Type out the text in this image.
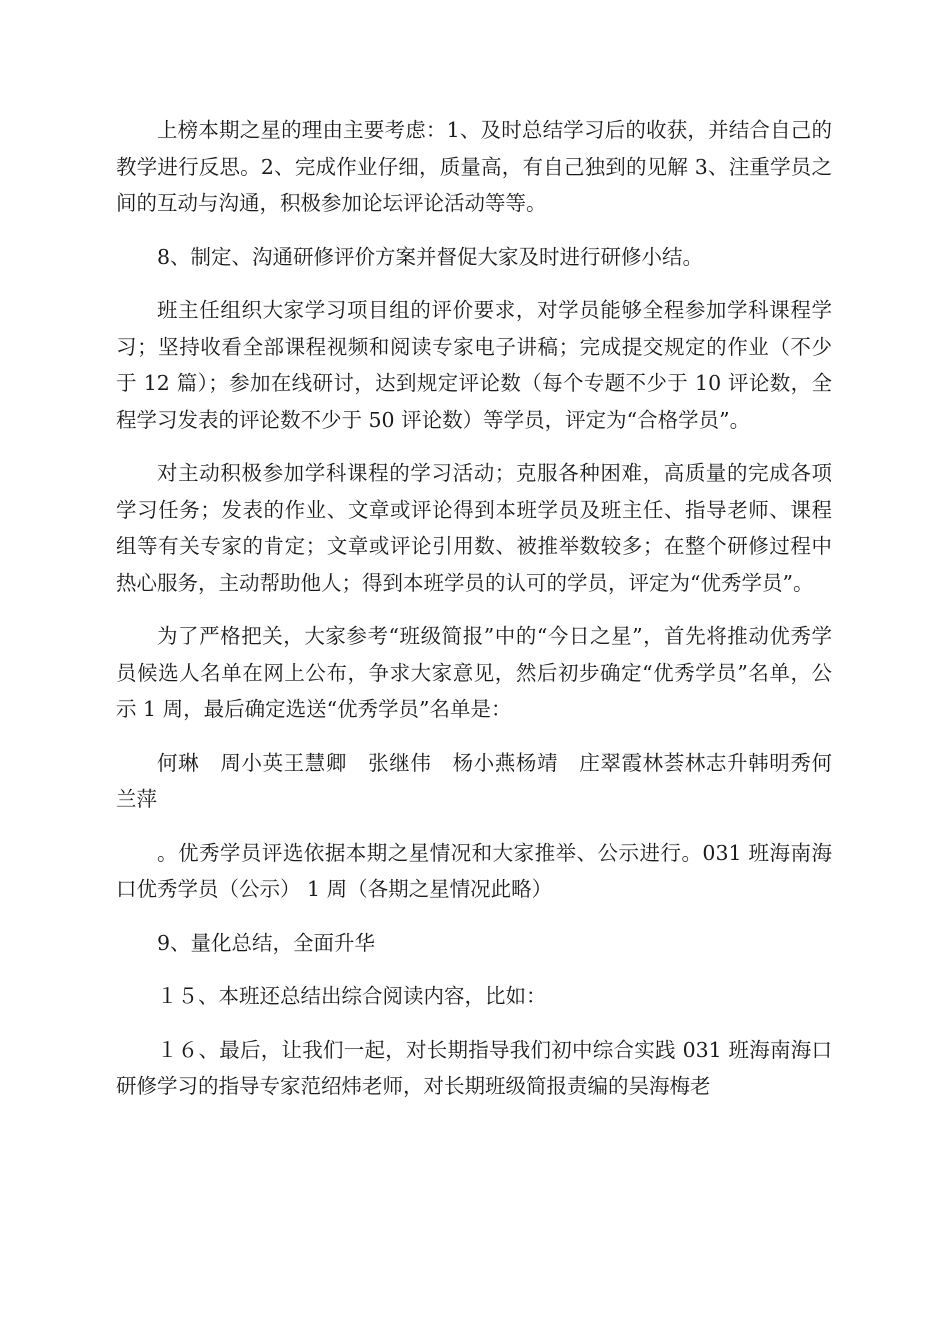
上榜本期之星的理由主要考虑：1、及时总结学习后的收获，并结合自己的教学进行反思。2、完成作业仔细，质量高，有自己独到的见解 3、注重学员之间的互动与沟通，积极参加论坛评论活动等等。

8、制定、沟通研修评价方案并督促大家及时进行研修小结。

班主任组织大家学习项目组的评价要求，对学员能够全程参加学科课程学习；坚持收看全部课程视频和阅读专家电子讲稿；完成提交规定的作业（不少于 12 篇）；参加在线研讨，达到规定评论数（每个专题不少于 10 评论数，全程学习发表的评论数不少于 50 评论数）等学员，评定为“合格学员”。

对主动积极参加学科课程的学习活动；克服各种困难，高质量的完成各项学习任务；发表的作业、文章或评论得到本班学员及班主任、指导老师、课程组等有关专家的肯定；文章或评论引用数、被推举数较多；在整个研修过程中热心服务，主动帮助他人；得到本班学员的认可的学员，评定为“优秀学员”。

为了严格把关，大家参考“班级简报”中的“今日之星”，首先将推动优秀学员候选人名单在网上公布，争求大家意见，然后初步确定“优秀学员”名单，公示 1 周，最后确定选送“优秀学员”名单是：

何琳　周小英王慧卿　张继伟　杨小燕杨靖　庄翠霞林荟林志升韩明秀何兰萍

。优秀学员评选依据本期之星情况和大家推举、公示进行。031 班海南海口优秀学员（公示） 1 周（各期之星情况此略）

9、量化总结，全面升华

１５、本班还总结出综合阅读内容，比如：

１６、最后，让我们一起，对长期指导我们初中综合实践 031 班海南海口研修学习的指导专家范绍炜老师，对长期班级简报责编的吴海梅老
